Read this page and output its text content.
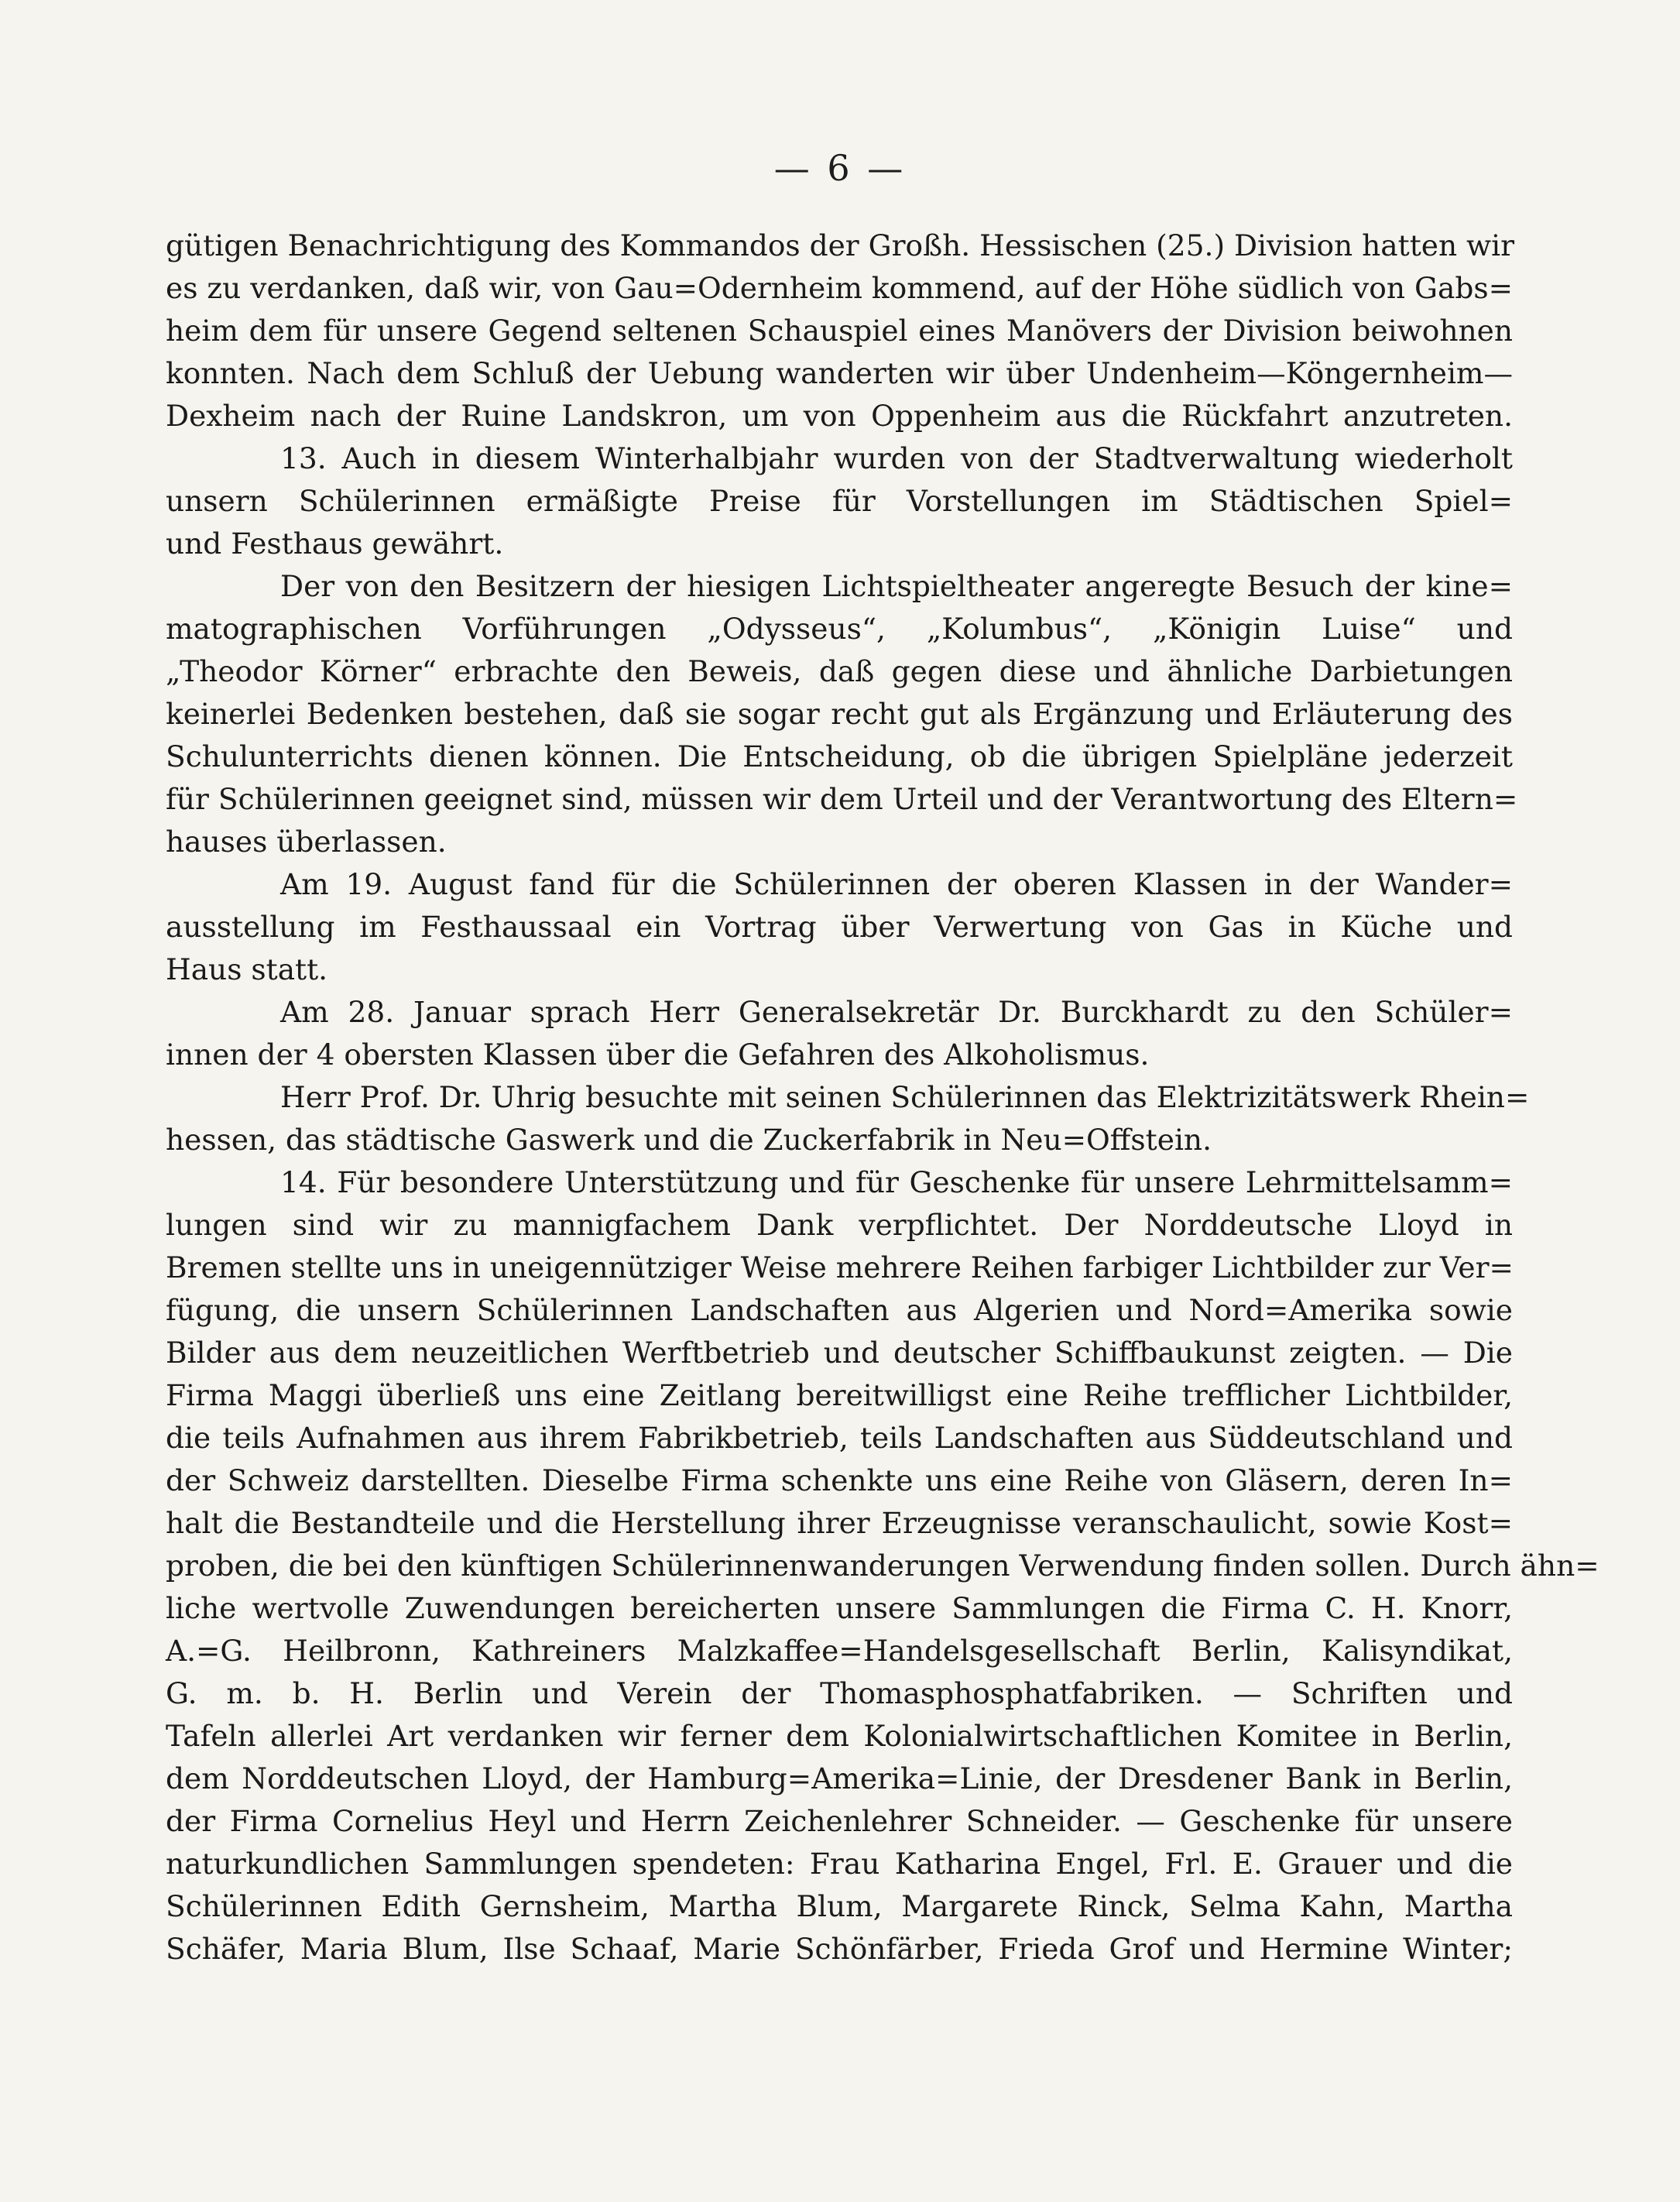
— 6 —
gütigen Benachrichtigung des Kommandos der Großh. Hessischen (25.) Division hatten wir
es zu verdanken, daß wir, von Gau=Odernheim kommend, auf der Höhe südlich von Gabs=
heim dem für unsere Gegend seltenen Schauspiel eines Manövers der Division beiwohnen
konnten. Nach dem Schluß der Uebung wanderten wir über Undenheim—Köngernheim—
Dexheim nach der Ruine Landskron, um von Oppenheim aus die Rückfahrt anzutreten.
13. Auch in diesem Winterhalbjahr wurden von der Stadtverwaltung wiederholt
unsern Schülerinnen ermäßigte Preise für Vorstellungen im Städtischen Spiel=
und Festhaus gewährt.
Der von den Besitzern der hiesigen Lichtspieltheater angeregte Besuch der kine=
matographischen Vorführungen „Odysseus“, „Kolumbus“, „Königin Luise“ und
„Theodor Körner“ erbrachte den Beweis, daß gegen diese und ähnliche Darbietungen
keinerlei Bedenken bestehen, daß sie sogar recht gut als Ergänzung und Erläuterung des
Schulunterrichts dienen können. Die Entscheidung, ob die übrigen Spielpläne jederzeit
für Schülerinnen geeignet sind, müssen wir dem Urteil und der Verantwortung des Eltern=
hauses überlassen.
Am 19. August fand für die Schülerinnen der oberen Klassen in der Wander=
ausstellung im Festhaussaal ein Vortrag über Verwertung von Gas in Küche und
Haus statt.
Am 28. Januar sprach Herr Generalsekretär Dr. Burckhardt zu den Schüler=
innen der 4 obersten Klassen über die Gefahren des Alkoholismus.
Herr Prof. Dr. Uhrig besuchte mit seinen Schülerinnen das Elektrizitätswerk Rhein=
hessen, das städtische Gaswerk und die Zuckerfabrik in Neu=Offstein.
14. Für besondere Unterstützung und für Geschenke für unsere Lehrmittelsamm=
lungen sind wir zu mannigfachem Dank verpflichtet. Der Norddeutsche Lloyd in
Bremen stellte uns in uneigennütziger Weise mehrere Reihen farbiger Lichtbilder zur Ver=
fügung, die unsern Schülerinnen Landschaften aus Algerien und Nord=Amerika sowie
Bilder aus dem neuzeitlichen Werftbetrieb und deutscher Schiffbaukunst zeigten. — Die
Firma Maggi überließ uns eine Zeitlang bereitwilligst eine Reihe trefflicher Lichtbilder,
die teils Aufnahmen aus ihrem Fabrikbetrieb, teils Landschaften aus Süddeutschland und
der Schweiz darstellten. Dieselbe Firma schenkte uns eine Reihe von Gläsern, deren In=
halt die Bestandteile und die Herstellung ihrer Erzeugnisse veranschaulicht, sowie Kost=
proben, die bei den künftigen Schülerinnenwanderungen Verwendung finden sollen. Durch ähn=
liche wertvolle Zuwendungen bereicherten unsere Sammlungen die Firma C. H. Knorr,
A.=G. Heilbronn, Kathreiners Malzkaffee=Handelsgesellschaft Berlin, Kalisyndikat,
G. m. b. H. Berlin und Verein der Thomasphosphatfabriken. — Schriften und
Tafeln allerlei Art verdanken wir ferner dem Kolonialwirtschaftlichen Komitee in Berlin,
dem Norddeutschen Lloyd, der Hamburg=Amerika=Linie, der Dresdener Bank in Berlin,
der Firma Cornelius Heyl und Herrn Zeichenlehrer Schneider. — Geschenke für unsere
naturkundlichen Sammlungen spendeten: Frau Katharina Engel, Frl. E. Grauer und die
Schülerinnen Edith Gernsheim, Martha Blum, Margarete Rinck, Selma Kahn, Martha
Schäfer, Maria Blum, Ilse Schaaf, Marie Schönfärber, Frieda Grof und Hermine Winter;
